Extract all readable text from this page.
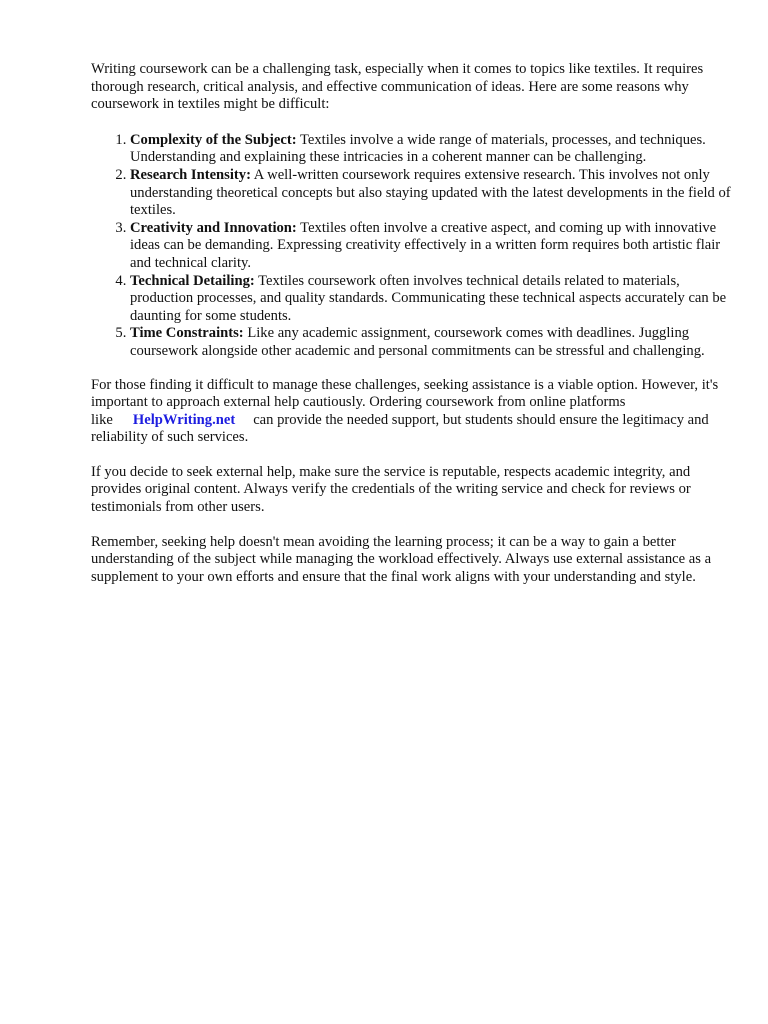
Writing coursework can be a challenging task, especially when it comes to topics like textiles. It requires thorough research, critical analysis, and effective communication of ideas. Here are some reasons why coursework in textiles might be difficult:

1. Complexity of the Subject: Textiles involve a wide range of materials, processes, and techniques. Understanding and explaining these intricacies in a coherent manner can be challenging.
2. Research Intensity: A well-written coursework requires extensive research. This involves not only understanding theoretical concepts but also staying updated with the latest developments in the field of textiles.
3. Creativity and Innovation: Textiles often involve a creative aspect, and coming up with innovative ideas can be demanding. Expressing creativity effectively in a written form requires both artistic flair and technical clarity.
4. Technical Detailing: Textiles coursework often involves technical details related to materials, production processes, and quality standards. Communicating these technical aspects accurately can be daunting for some students.
5. Time Constraints: Like any academic assignment, coursework comes with deadlines. Juggling coursework alongside other academic and personal commitments can be stressful and challenging.

For those finding it difficult to manage these challenges, seeking assistance is a viable option. However, it's important to approach external help cautiously. Ordering coursework from online platforms like HelpWriting.net can provide the needed support, but students should ensure the legitimacy and reliability of such services.

If you decide to seek external help, make sure the service is reputable, respects academic integrity, and provides original content. Always verify the credentials of the writing service and check for reviews or testimonials from other users.

Remember, seeking help doesn't mean avoiding the learning process; it can be a way to gain a better understanding of the subject while managing the workload effectively. Always use external assistance as a supplement to your own efforts and ensure that the final work aligns with your understanding and style.
